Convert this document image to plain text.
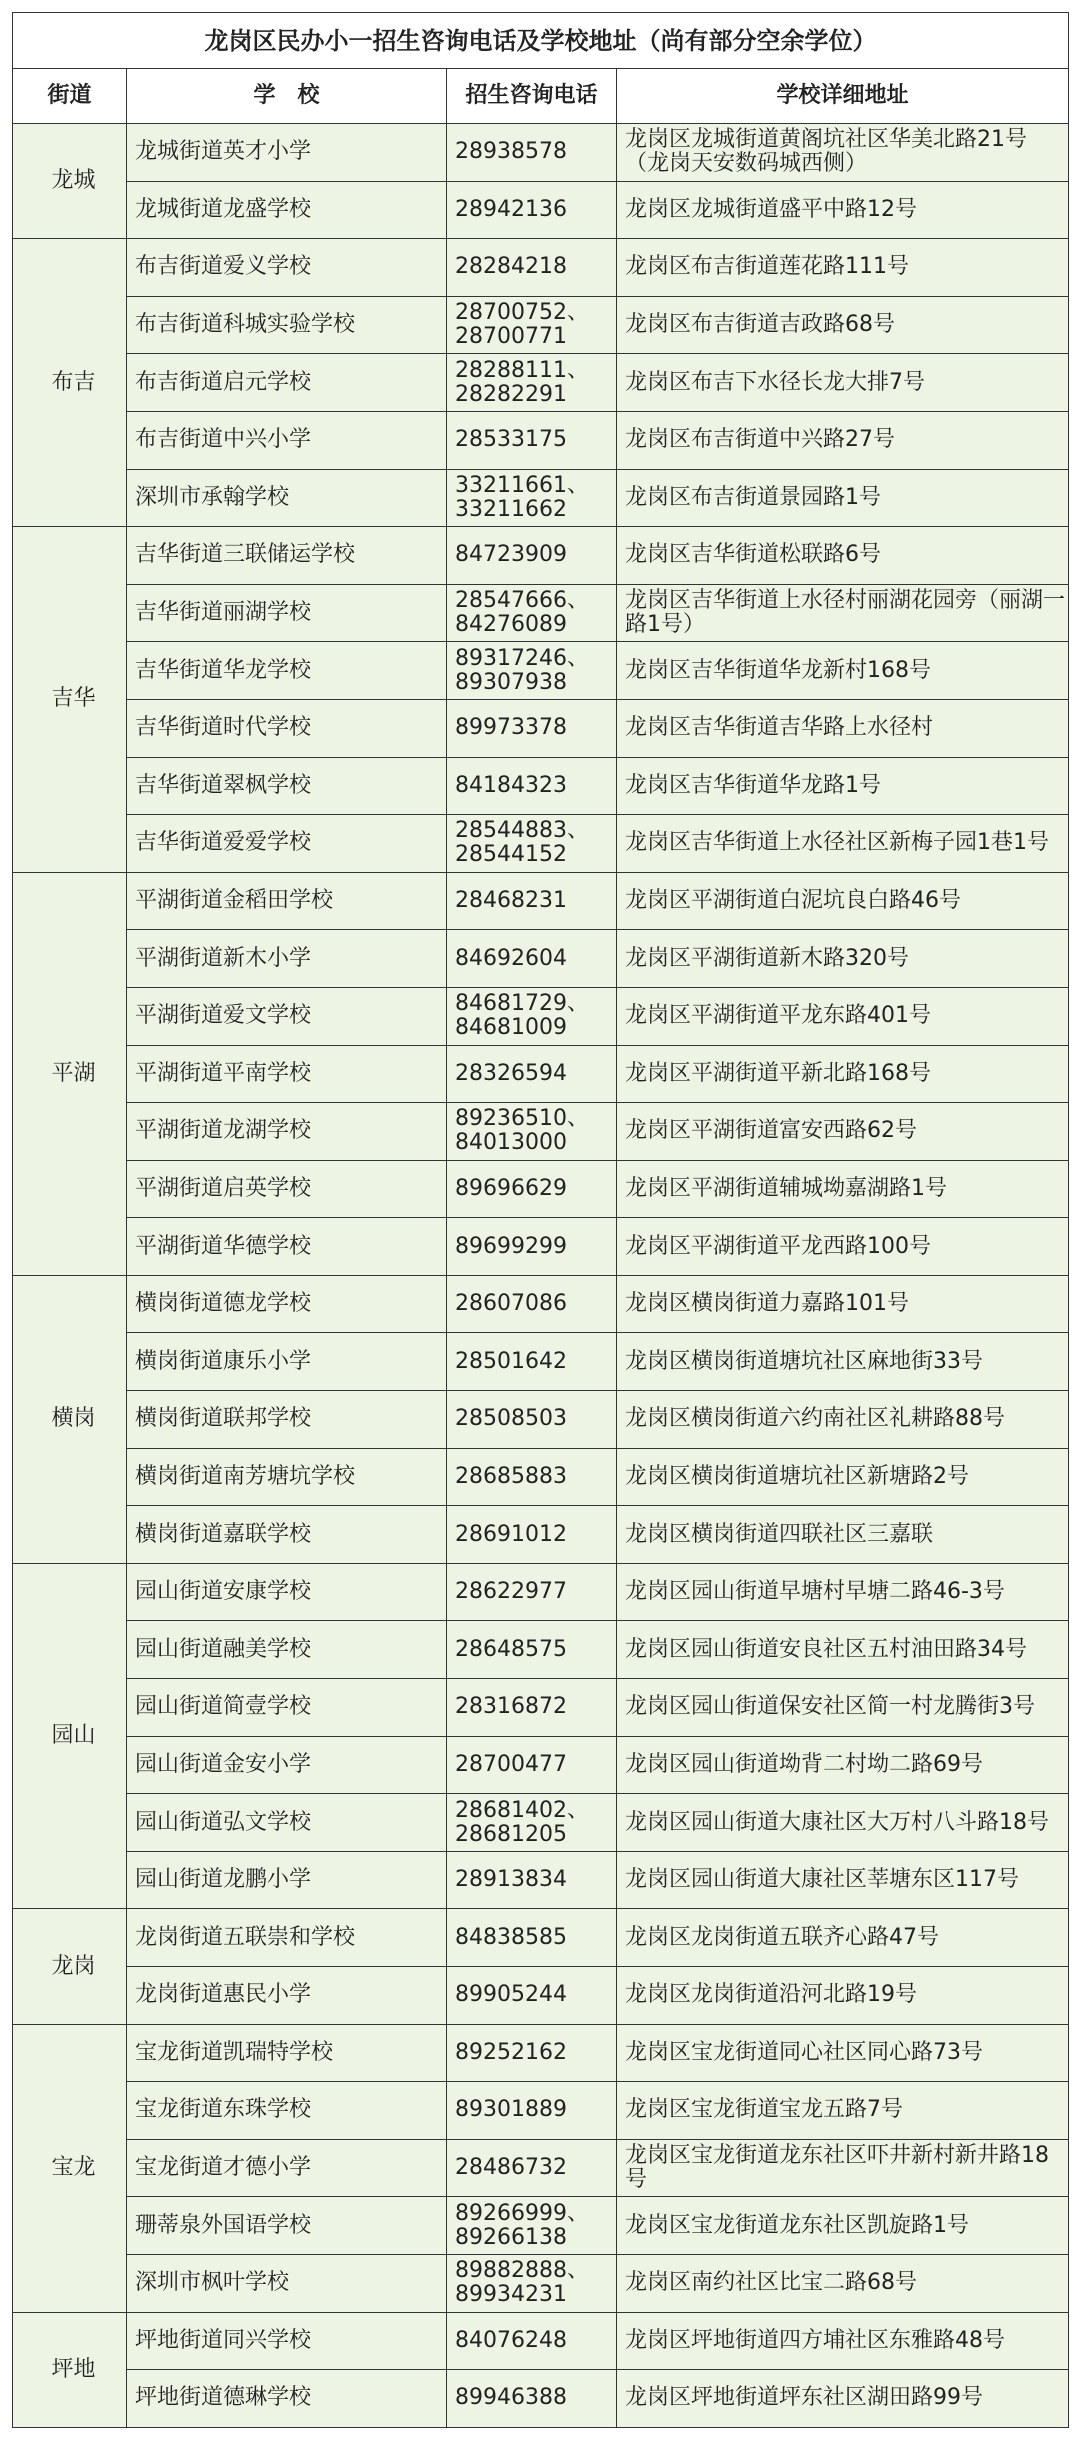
龙岗区民办小一招生咨询电话及学校地址（尚有部分空余学位）			
街道	学　校	招生咨询电话	学校详细地址
龙城	龙城街道英才小学	28938578	龙岗区龙城街道黄阁坑社区华美北路21号（龙岗天安数码城西侧）

	龙城街道龙盛学校	28942136	龙岗区龙城街道盛平中路12号

布吉	布吉街道爱义学校	28284218	龙岗区布吉街道莲花路111号

	布吉街道科城实验学校	28700752、28700771	龙岗区布吉街道吉政路68号

	布吉街道启元学校	28288111、28282291	龙岗区布吉下水径长龙大排7号

	布吉街道中兴小学	28533175	龙岗区布吉街道中兴路27号

	深圳市承翰学校	33211661、33211662	龙岗区布吉街道景园路1号

吉华	吉华街道三联储运学校	84723909	龙岗区吉华街道松联路6号

	吉华街道丽湖学校	28547666、84276089	龙岗区吉华街道上水径村丽湖花园旁（丽湖一路1号）

	吉华街道华龙学校	89317246、89307938	龙岗区吉华街道华龙新村168号

	吉华街道时代学校	89973378	龙岗区吉华街道吉华路上水径村

	吉华街道翠枫学校	84184323	龙岗区吉华街道华龙路1号

	吉华街道爱爱学校	28544883、28544152	龙岗区吉华街道上水径社区新梅子园1巷1号

平湖	平湖街道金稻田学校	28468231	龙岗区平湖街道白泥坑良白路46号

	平湖街道新木小学	84692604	龙岗区平湖街道新木路320号

	平湖街道爱文学校	84681729、84681009	龙岗区平湖街道平龙东路401号

	平湖街道平南学校	28326594	龙岗区平湖街道平新北路168号

	平湖街道龙湖学校	89236510、84013000	龙岗区平湖街道富安西路62号

	平湖街道启英学校	89696629	龙岗区平湖街道辅城坳嘉湖路1号

	平湖街道华德学校	89699299	龙岗区平湖街道平龙西路100号

横岗	横岗街道德龙学校	28607086	龙岗区横岗街道力嘉路101号

	横岗街道康乐小学	28501642	龙岗区横岗街道塘坑社区麻地街33号

	横岗街道联邦学校	28508503	龙岗区横岗街道六约南社区礼耕路88号

	横岗街道南芳塘坑学校	28685883	龙岗区横岗街道塘坑社区新塘路2号

	横岗街道嘉联学校	28691012	龙岗区横岗街道四联社区三嘉联

园山	园山街道安康学校	28622977	龙岗区园山街道早塘村早塘二路46-3号

	园山街道融美学校	28648575	龙岗区园山街道安良社区五村油田路34号

	园山街道简壹学校	28316872	龙岗区园山街道保安社区简一村龙腾街3号

	园山街道金安小学	28700477	龙岗区园山街道坳背二村坳二路69号

	园山街道弘文学校	28681402、28681205	龙岗区园山街道大康社区大万村八斗路18号

	园山街道龙鹏小学	28913834	龙岗区园山街道大康社区莘塘东区117号

龙岗	龙岗街道五联崇和学校	84838585	龙岗区龙岗街道五联齐心路47号

	龙岗街道惠民小学	89905244	龙岗区龙岗街道沿河北路19号

宝龙	宝龙街道凯瑞特学校	89252162	龙岗区宝龙街道同心社区同心路73号

	宝龙街道东珠学校	89301889	龙岗区宝龙街道宝龙五路7号

	宝龙街道才德小学	28486732	龙岗区宝龙街道龙东社区吓井新村新井路18号

	珊蒂泉外国语学校	89266999、89266138	龙岗区宝龙街道龙东社区凯旋路1号

	深圳市枫叶学校	89882888、89934231	龙岗区南约社区比宝二路68号

坪地	坪地街道同兴学校	84076248	龙岗区坪地街道四方埔社区东雅路48号

	坪地街道德琳学校	89946388	龙岗区坪地街道坪东社区湖田路99号
